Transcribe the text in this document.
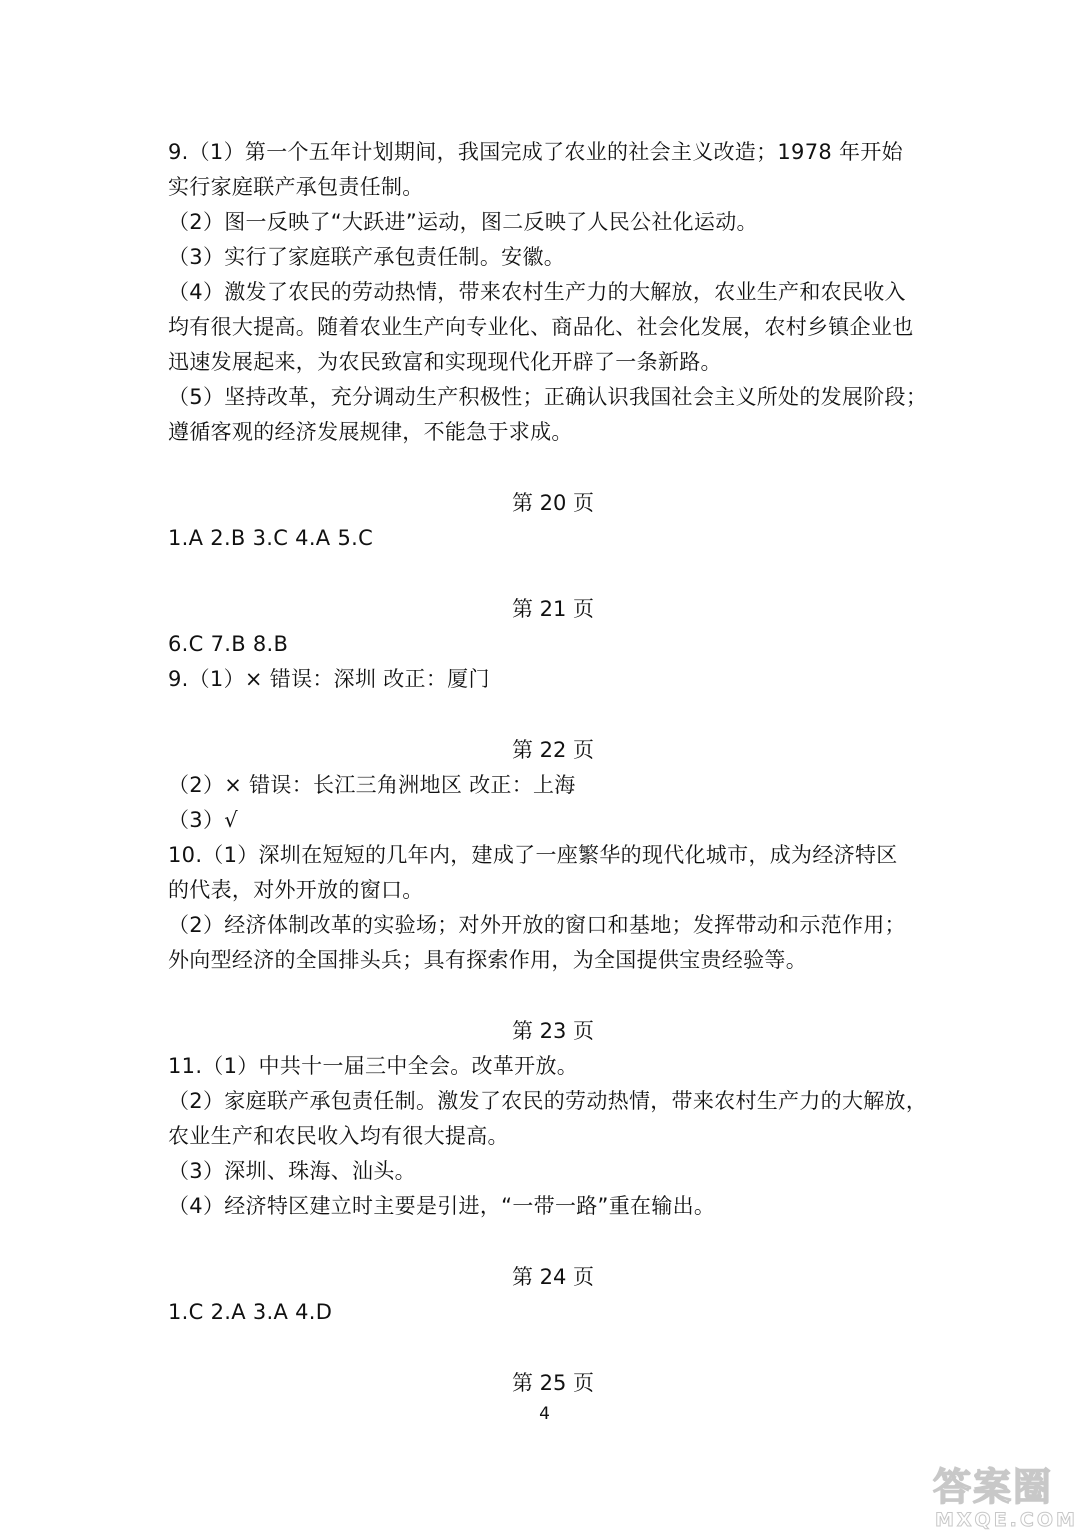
9.（1）第一个五年计划期间，我国完成了农业的社会主义改造；1978 年开始
实行家庭联产承包责任制。
（2）图一反映了“大跃进”运动，图二反映了人民公社化运动。
（3）实行了家庭联产承包责任制。安徽。
（4）激发了农民的劳动热情，带来农村生产力的大解放，农业生产和农民收入
均有很大提高。随着农业生产向专业化、商品化、社会化发展，农村乡镇企业也
迅速发展起来，为农民致富和实现现代化开辟了一条新路。
（5）坚持改革，充分调动生产积极性；正确认识我国社会主义所处的发展阶段；
遵循客观的经济发展规律，不能急于求成。
第 20 页
1.A 2.B 3.C 4.A 5.C
第 21 页
6.C 7.B 8.B
9.（1）× 错误：深圳 改正：厦门
第 22 页
（2）× 错误：长江三角洲地区 改正：上海
（3）√
10.（1）深圳在短短的几年内，建成了一座繁华的现代化城市，成为经济特区
的代表，对外开放的窗口。
（2）经济体制改革的实验场；对外开放的窗口和基地；发挥带动和示范作用；
外向型经济的全国排头兵；具有探索作用，为全国提供宝贵经验等。
第 23 页
11.（1）中共十一届三中全会。改革开放。
（2）家庭联产承包责任制。激发了农民的劳动热情，带来农村生产力的大解放，
农业生产和农民收入均有很大提高。
（3）深圳、珠海、汕头。
（4）经济特区建立时主要是引进，“一带一路”重在输出。
第 24 页
1.C 2.A 3.A 4.D
第 25 页
4
答案圈
MXQE.COM
